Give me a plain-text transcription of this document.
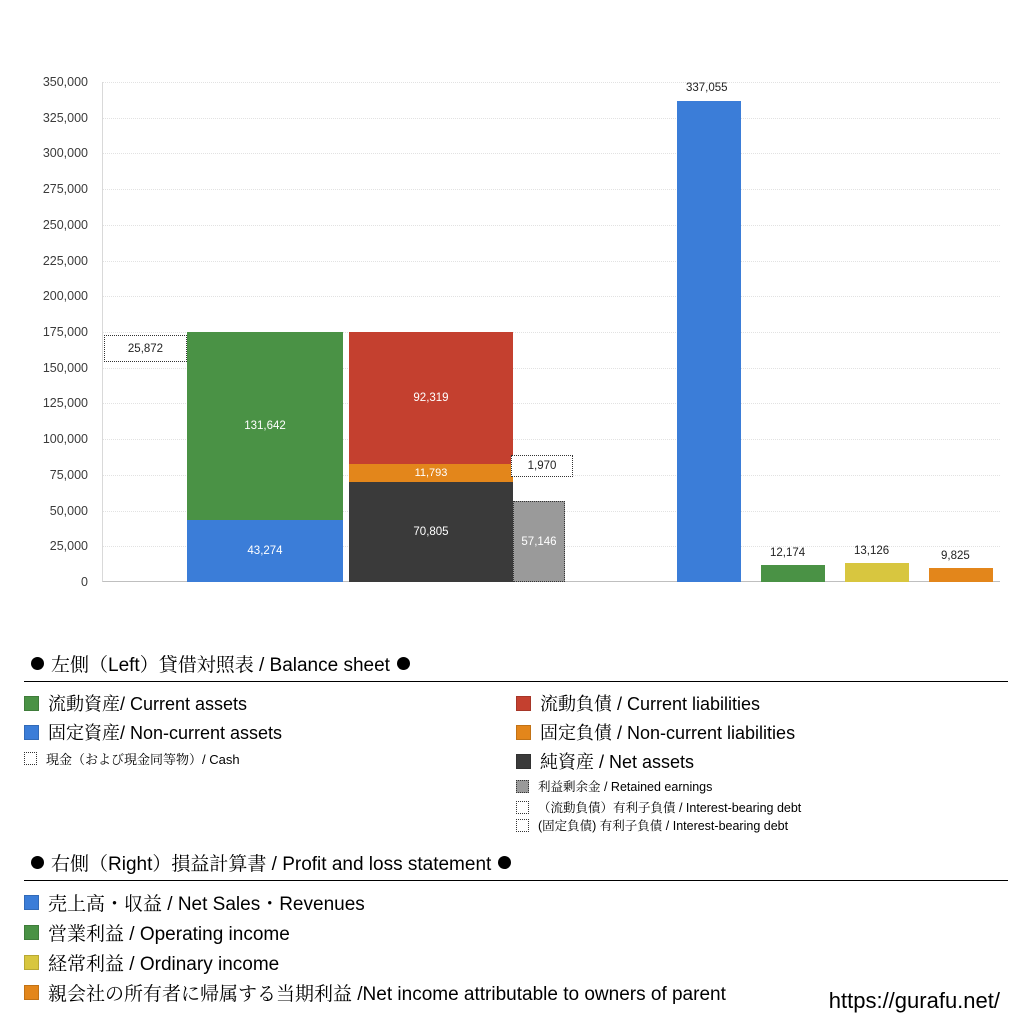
350,000
325,000
300,000
275,000
250,000
225,000
200,000
175,000
150,000
125,000
100,000
75,000
50,000
25,000
0
131,642
43,274
25,872
92,319
11,793
70,805
57,146
1,970
337,055
12,174	13,126	9,825
左側（Left）貸借対照表 / Balance sheet
流動資産/ Current assets
固定資産/ Non-current assets
現金（および現金同等物）/ Cash
流動負債 / Current liabilities
固定負債 / Non-current liabilities
純資産 / Net assets
利益剰余金 / Retained earnings
（流動負債）有利子負債 / Interest-bearing debt
(固定負債) 有利子負債 / Interest-bearing debt
右側（Right）損益計算書 / Profit and loss statement
売上高・収益 / Net Sales・Revenues
営業利益 / Operating income
経常利益 / Ordinary income
親会社の所有者に帰属する当期利益 /Net income attributable to owners of parent	https://gurafu.net/
